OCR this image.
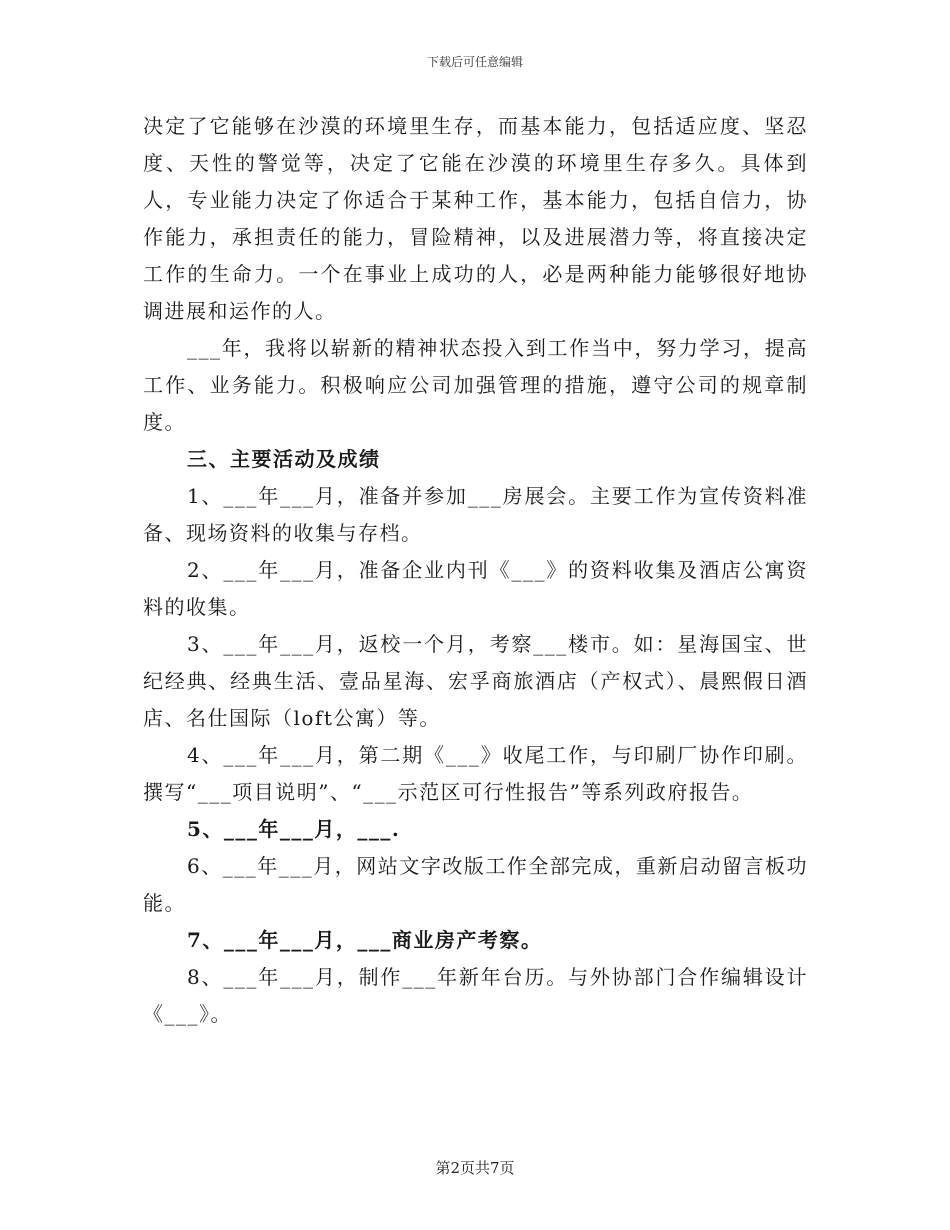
下载后可任意编辑

决定了它能够在沙漠的环境里生存，而基本能力，包括适应度、坚忍度、天性的警觉等，决定了它能在沙漠的环境里生存多久。具体到人，专业能力决定了你适合于某种工作，基本能力，包括自信力，协作能力，承担责任的能力，冒险精神，以及进展潜力等，将直接决定工作的生命力。一个在事业上成功的人，必是两种能力能够很好地协调进展和运作的人。

___年，我将以崭新的精神状态投入到工作当中，努力学习，提高工作、业务能力。积极响应公司加强管理的措施，遵守公司的规章制度。

三、主要活动及成绩

1、___年___月，准备并参加___房展会。主要工作为宣传资料准备、现场资料的收集与存档。

2、___年___月，准备企业内刊《___》的资料收集及酒店公寓资料的收集。

3、___年___月，返校一个月，考察___楼市。如：星海国宝、世纪经典、经典生活、壹品星海、宏孚商旅酒店（产权式）、晨熙假日酒店、名仕国际（loft公寓）等。

4、___年___月，第二期《___》收尾工作，与印刷厂协作印刷。撰写“___项目说明”、“___示范区可行性报告”等系列政府报告。

5、___年___月，___.

6、___年___月，网站文字改版工作全部完成，重新启动留言板功能。

7、___年___月，___商业房产考察。

8、___年___月，制作___年新年台历。与外协部门合作编辑设计《___》。

第2页共7页
